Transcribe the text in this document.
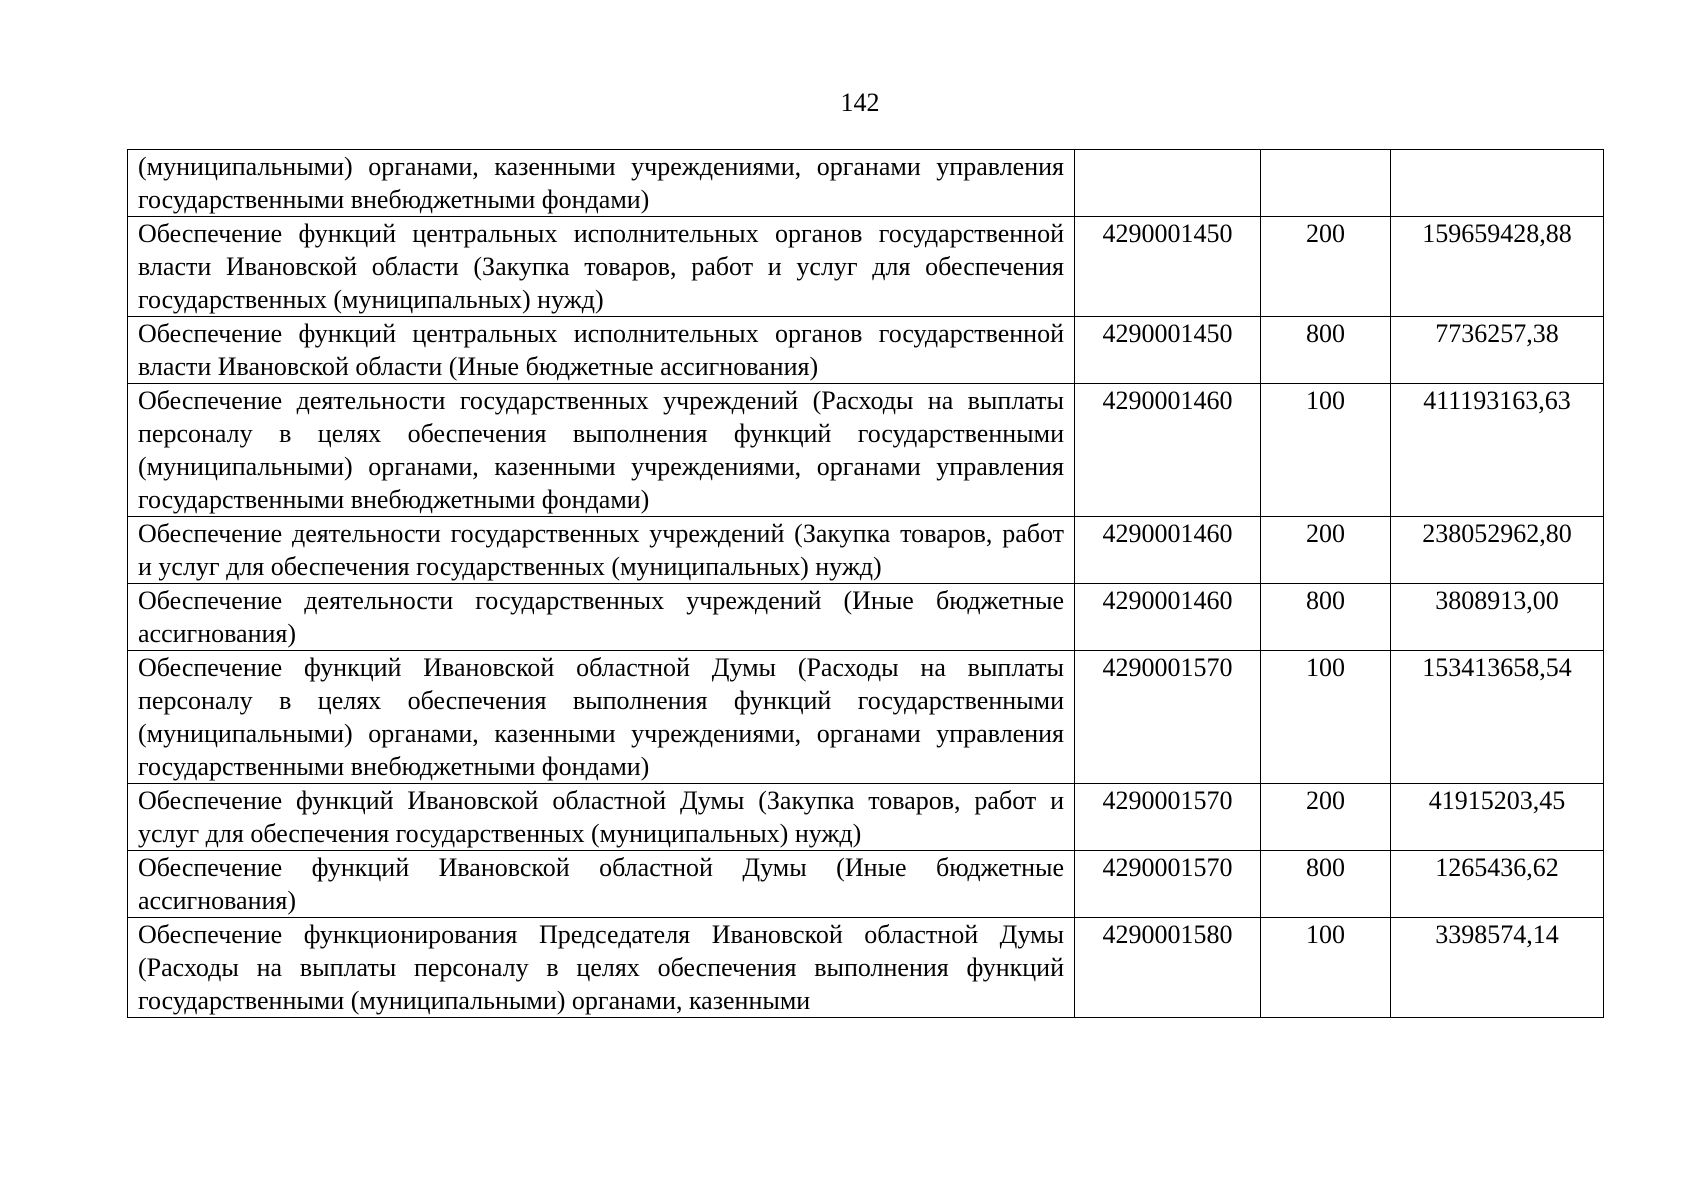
142
(муниципальными) органами, казенными учреждениями, органами управления государственными внебюджетными фондами)			
Обеспечение функций центральных исполнительных органов государственной власти Ивановской области (Закупка товаров, работ и услуг для обеспечения государственных (муниципальных) нужд)	4290001450	200	159659428,88
Обеспечение функций центральных исполнительных органов государственной власти Ивановской области (Иные бюджетные ассигнования)	4290001450	800	7736257,38
Обеспечение деятельности государственных учреждений (Расходы на выплаты персоналу в целях обеспечения выполнения функций государственными (муниципальными) органами, казенными учреждениями, органами управления государственными внебюджетными фондами)	4290001460	100	411193163,63
Обеспечение деятельности государственных учреждений (Закупка товаров, работ и услуг для обеспечения государственных (муниципальных) нужд)	4290001460	200	238052962,80
Обеспечение деятельности государственных учреждений (Иные бюджетные ассигнования)	4290001460	800	3808913,00
Обеспечение функций Ивановской областной Думы (Расходы на выплаты персоналу в целях обеспечения выполнения функций государственными (муниципальными) органами, казенными учреждениями, органами управления государственными внебюджетными фондами)	4290001570	100	153413658,54
Обеспечение функций Ивановской областной Думы (Закупка товаров, работ и услуг для обеспечения государственных (муниципальных) нужд)	4290001570	200	41915203,45
Обеспечение функций Ивановской областной Думы (Иные бюджетные ассигнования)	4290001570	800	1265436,62
Обеспечение функционирования Председателя Ивановской областной Думы (Расходы на выплаты персоналу в целях обеспечения выполнения функций государственными (муниципальными) органами, казенными	4290001580	100	3398574,14
